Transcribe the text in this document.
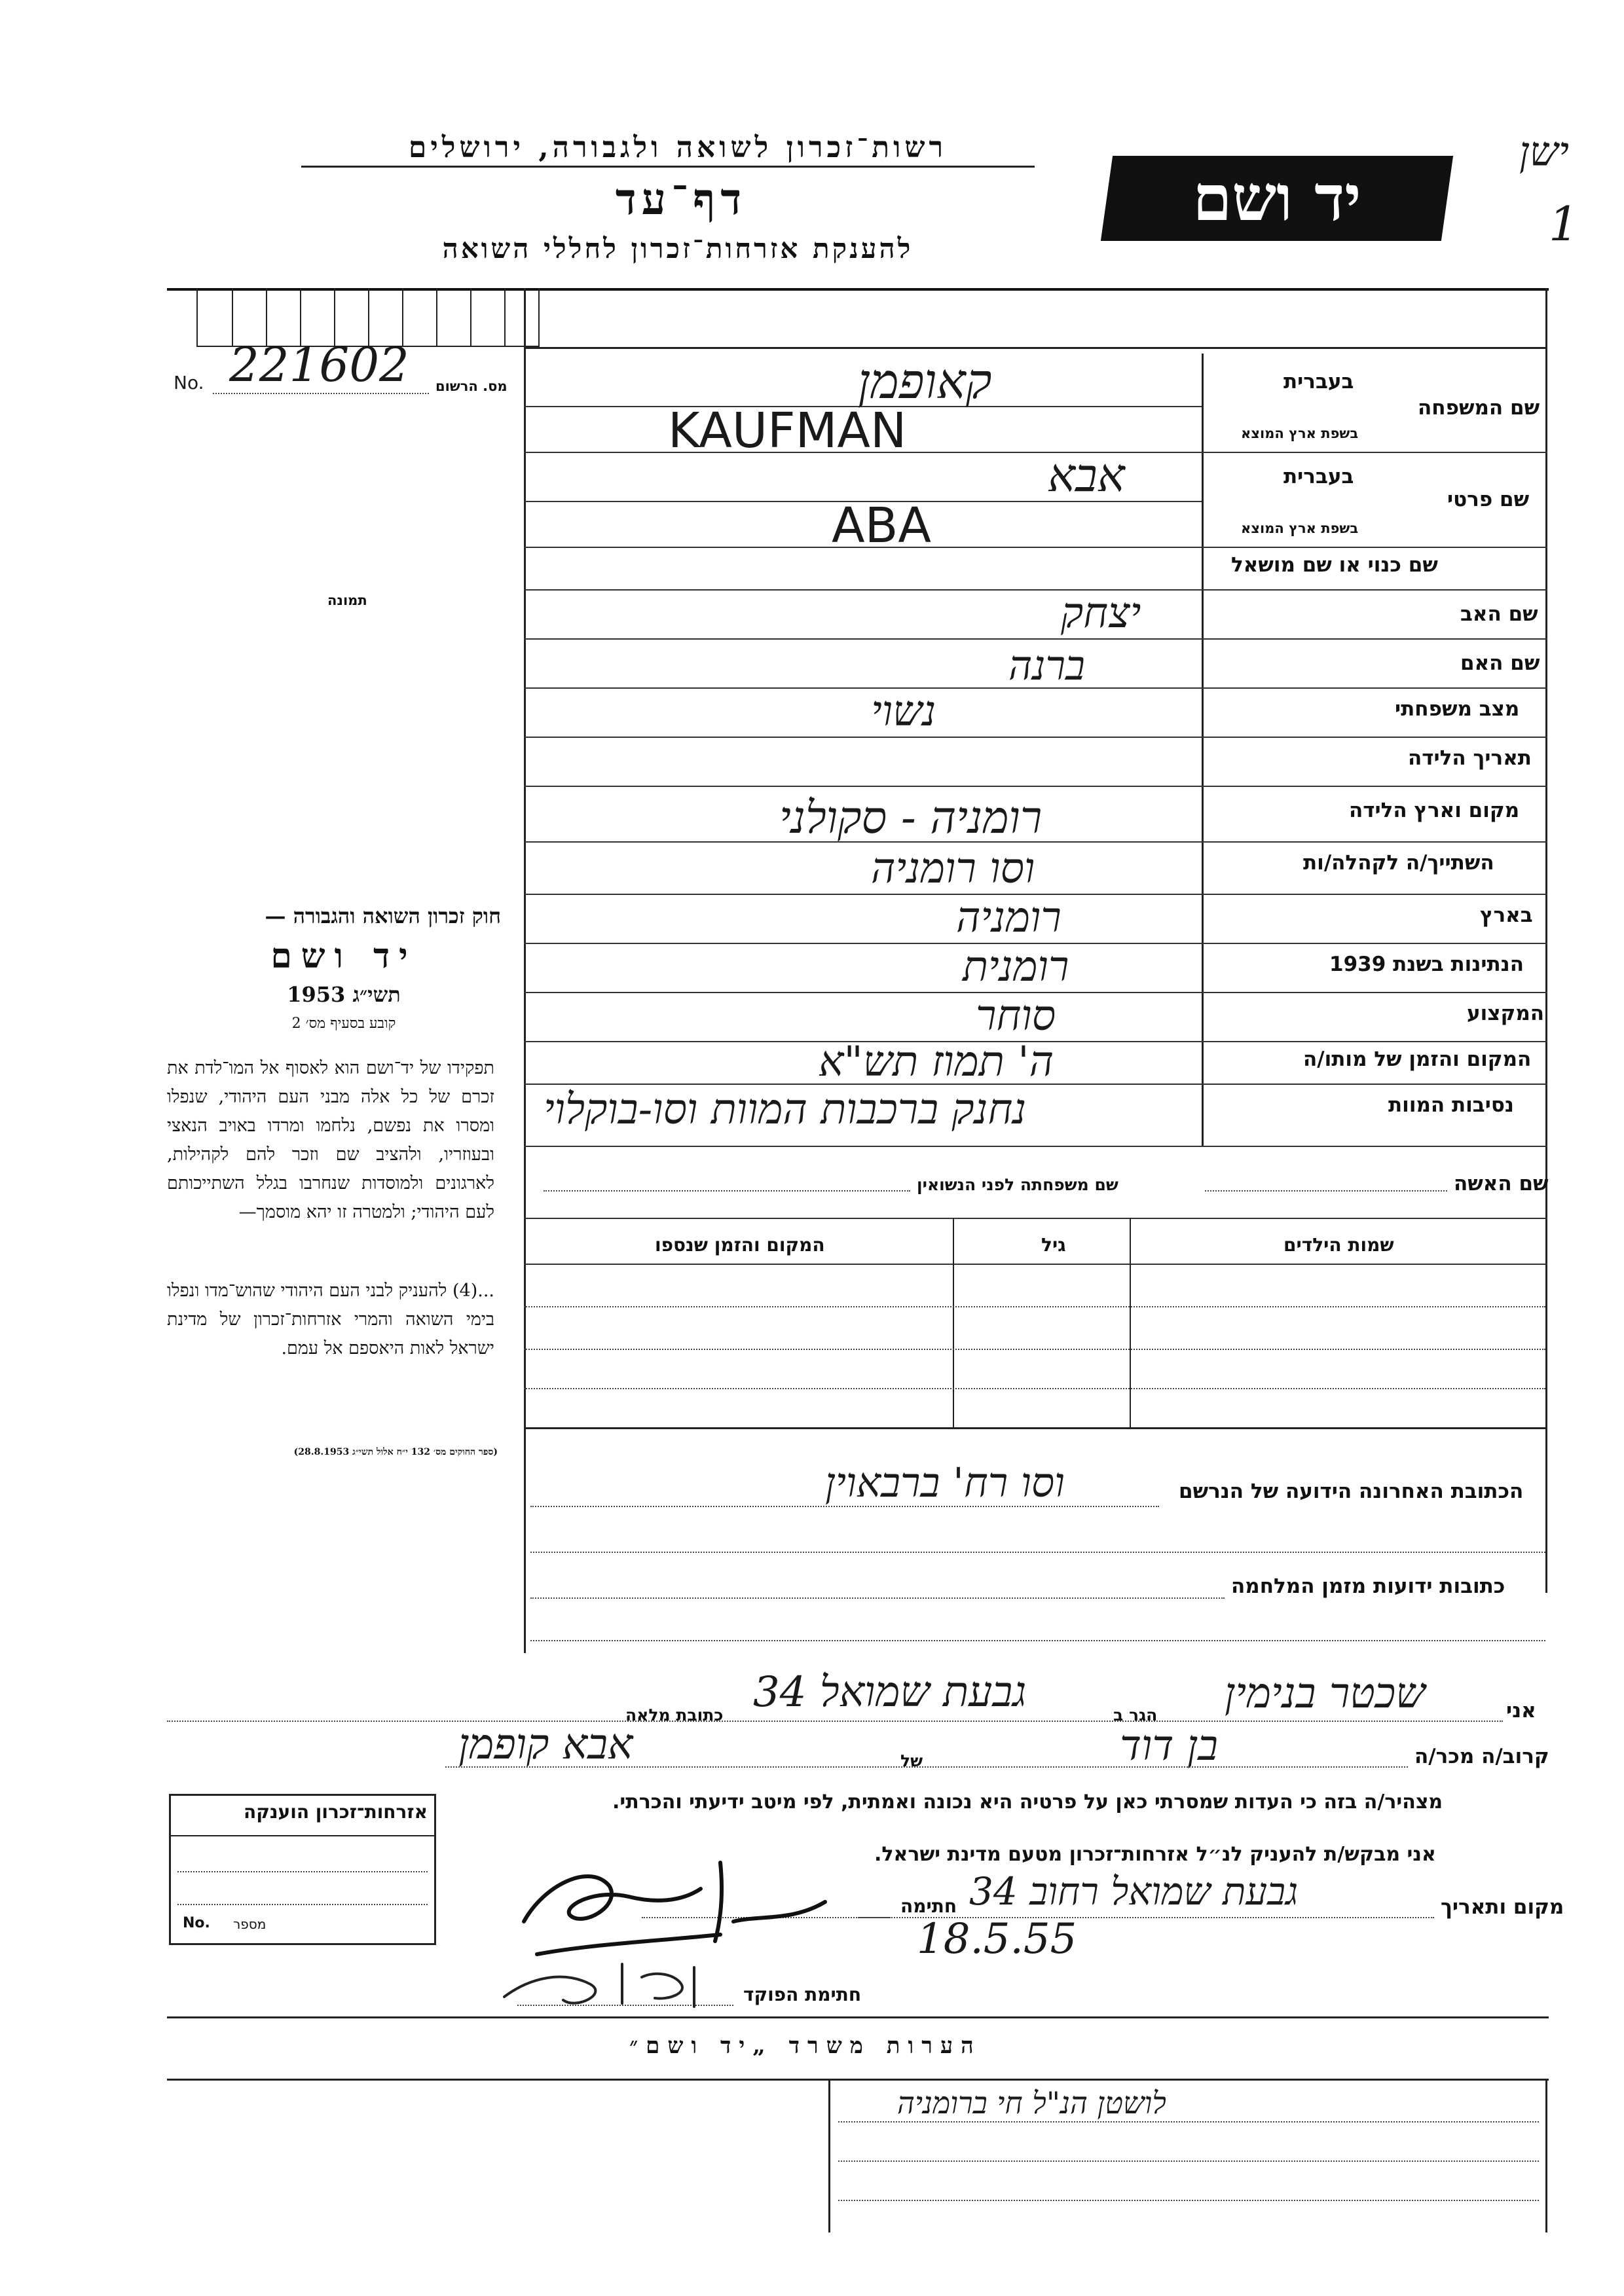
רשות־זכרון לשואה ולגבורה, ירושלים
דף־עד
להענקת אזרחות־זכרון לחללי השואה
יד ושם
ישן
1
No. 221602 מס. הרשום
תמונה
בעברית
שם המשפחה
בשפת ארץ המוצא
קאופמן
KAUFMAN
בעברית
שם פרטי
בשפת ארץ המוצא
אבא
ABA
שם כנוי או שם מושאל
שם האב
יצחק
שם האם
ברנה
מצב משפחתי
נשוי
תאריך הלידה
מקום וארץ הלידה
רומניה - סקולני
השתייך/ה לקהלה/ות
וסו רומניה
בארץ
רומניה
הנתינות בשנת 1939
רומנית
המקצוע
סוחר
המקום והזמן של מותו/ה
ה' תמוז תש"א
נסיבות המוות
נחנק ברכבות המוות וסו-בוקלוי
שם האשה
שם משפחתה לפני הנשואין
שמות הילדים
גיל
המקום והזמן שנספו
חוק זכרון השואה והגבורה —
יד ושם
תשי״ג 1953
קובע בסעיף מס׳ 2
תפקידו של יד־ושם הוא לאסוף אל המו־לדת את זכרם של כל אלה מבני העם היהודי, שנפלו ומסרו את נפשם, נלחמו ומרדו באויב הנאצי ובעוזריו, ולהציב שם וזכר להם לקהילות, לארגונים ולמוסדות שנחרבו בגלל השתייכותם לעם היהודי; ולמטרה זו יהא מוסמך—
...(4) להעניק לבני העם היהודי שהוש־מדו ונפלו בימי השואה והמרי אזרחות־זכרון של מדינת ישראל לאות היאספם אל עמם.
(ספר החוקים מס׳ 132 י״ח אלול תשי״ג 28.8.1953)
הכתובת האחרונה הידועה של הנרשם
וסו רח' ברבאוין
כתובות ידועות מזמן המלחמה
אני
שכטר בנימין
הגר ב
גבעת שמואל 34
כתובת מלאה
קרוב/ה מכר/ה
בן דוד
של
אבא קופמן
מצהיר/ה בזה כי העדות שמסרתי כאן על פרטיה היא נכונה ואמתית, לפי מיטב ידיעתי והכרתי.
אני מבקש/ת להעניק לנ״ל אזרחות־זכרון מטעם מדינת ישראל.
מקום ותאריך
גבעת שמואל רחוב 34
18.5.55
חתימה
חתימת הפוקד
אזרחות־זכרון הוענקה
No. מספר
הערות משרד „יד ושם״
לושטן הנ"ל חי ברומניה
